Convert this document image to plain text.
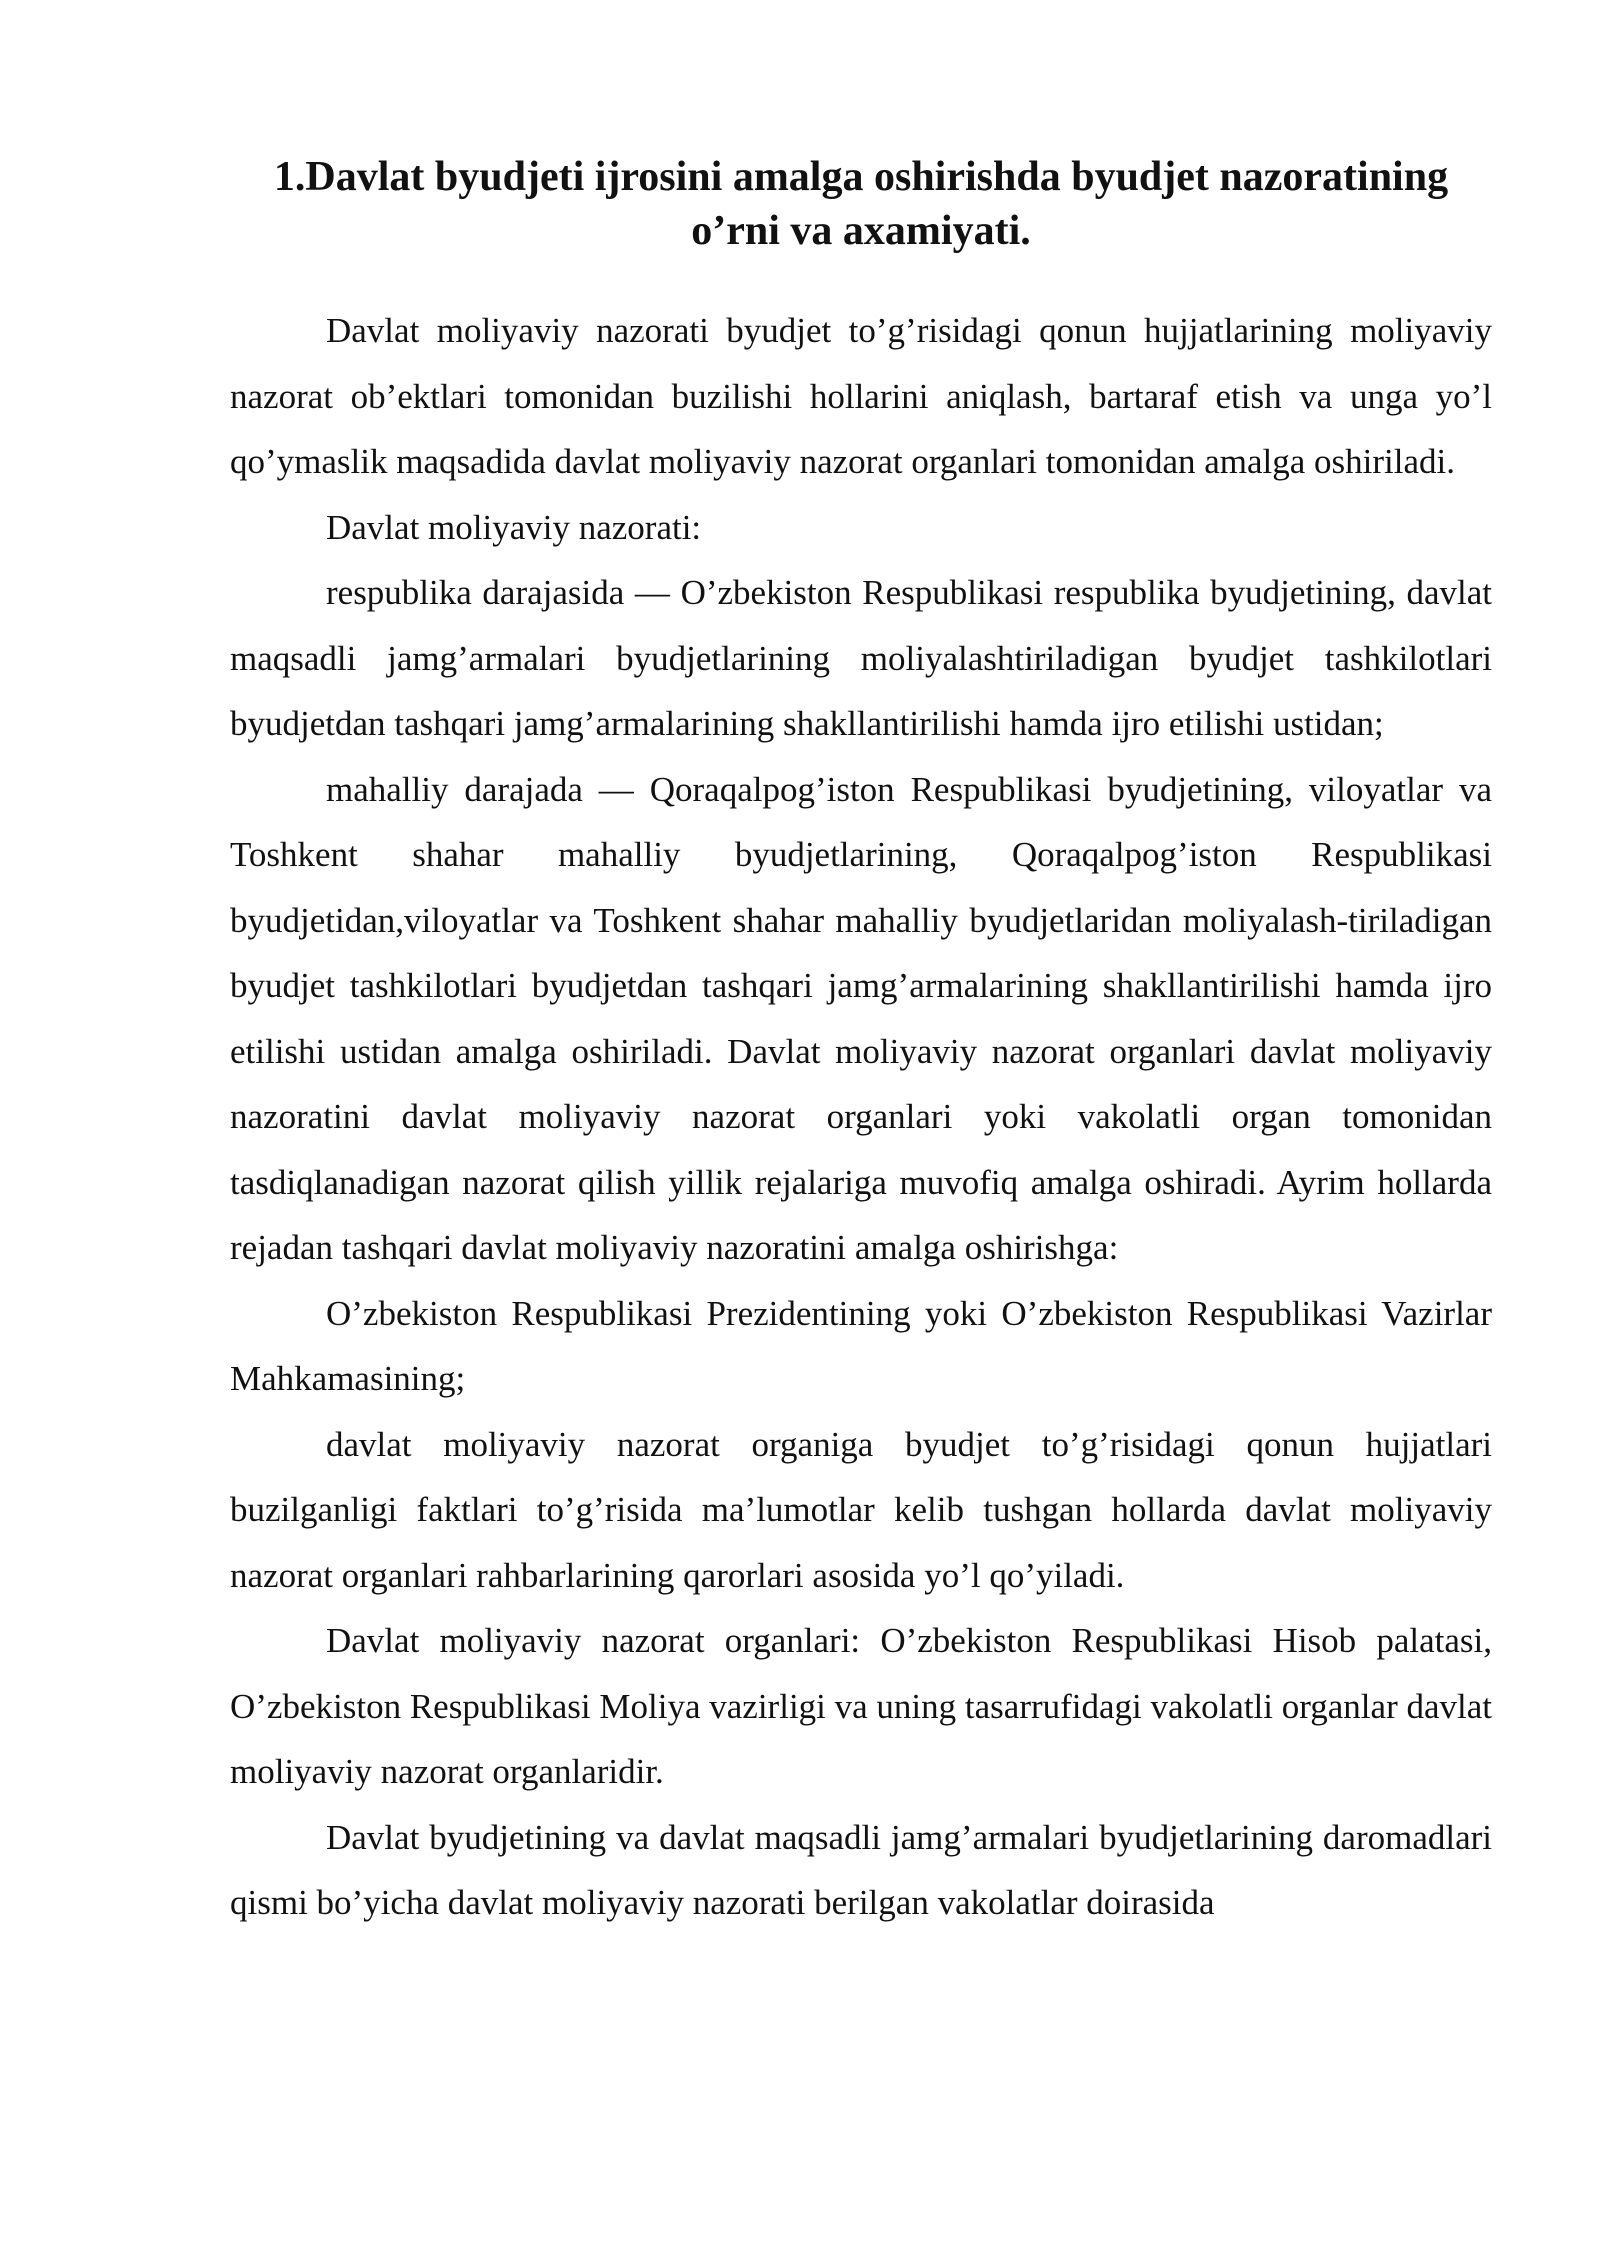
1.Davlat byudjeti ijrosini amalga oshirishda byudjet nazoratining
o’rni va axamiyati.

Davlat moliyaviy nazorati byudjet to’g’risidagi qonun hujjatlarining moliyaviy nazorat ob’ektlari tomonidan buzilishi hollarini aniqlash, bartaraf etish va unga yo’l qo’ymaslik maqsadida davlat moliyaviy nazorat organlari tomonidan amalga oshiriladi.

Davlat moliyaviy nazorati:

respublika darajasida — O’zbekiston Respublikasi respublika byudjetining, davlat maqsadli jamg’armalari byudjetlarining moliyalashtiriladigan byudjet tashkilotlari byudjetdan tashqari jamg’armalarining shakllantirilishi hamda ijro etilishi ustidan;

mahalliy darajada — Qoraqalpog’iston Respublikasi byudjetining, viloyatlar va Toshkent shahar mahalliy byudjetlarining, Qoraqalpog’iston Respublikasi byudjetidan,viloyatlar va Toshkent shahar mahalliy byudjetlaridan moliyalash-tiriladigan byudjet tashkilotlari byudjetdan tashqari jamg’armalarining shakllantirilishi hamda ijro etilishi ustidan amalga oshiriladi. Davlat moliyaviy nazorat organlari davlat moliyaviy nazoratini davlat moliyaviy nazorat organlari yoki vakolatli organ tomonidan tasdiqlanadigan nazorat qilish yillik rejalariga muvofiq amalga oshiradi. Ayrim hollarda rejadan tashqari davlat moliyaviy nazoratini amalga oshirishga:

O’zbekiston Respublikasi Prezidentining yoki O’zbekiston Respublikasi Vazirlar Mahkamasining;

davlat moliyaviy nazorat organiga byudjet to’g’risidagi qonun hujjatlari buzilganligi faktlari to’g’risida ma’lumotlar kelib tushgan hollarda davlat moliyaviy nazorat organlari rahbarlarining qarorlari asosida yo’l qo’yiladi.

Davlat moliyaviy nazorat organlari: O’zbekiston Respublikasi Hisob palatasi, O’zbekiston Respublikasi Moliya vazirligi va uning tasarrufidagi vakolatli organlar davlat moliyaviy nazorat organlaridir.

Davlat byudjetining va davlat maqsadli jamg’armalari byudjetlarining daromadlari qismi bo’yicha davlat moliyaviy nazorati berilgan vakolatlar doirasida
